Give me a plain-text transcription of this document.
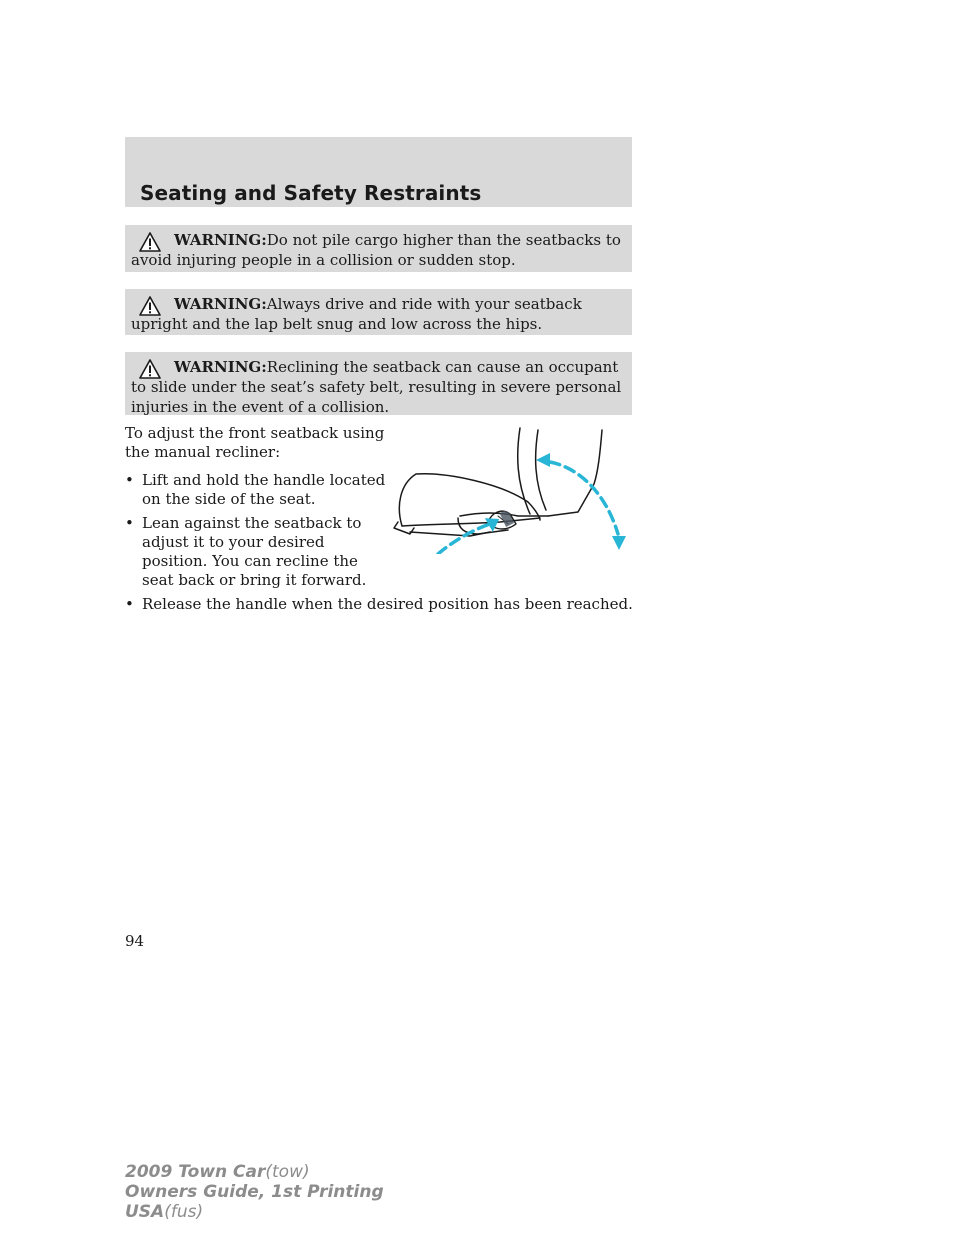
Seating and Safety Restraints
WARNING:Do not pile cargo higher than the seatbacks to avoid injuring people in a collision or sudden stop.
WARNING:Always drive and ride with your seatback upright and the lap belt snug and low across the hips.
WARNING:Reclining the seatback can cause an occupant to slide under the seat’s safety belt, resulting in severe personal injuries in the event of a collision.
To adjust the front seatback using the manual recliner:
• Lift and hold the handle located on the side of the seat.
• Lean against the seatback to adjust it to your desired position. You can recline the seat back or bring it forward.
• Release the handle when the desired position has been reached.
94
2009 Town Car(tow)
Owners Guide, 1st Printing
USA(fus)
